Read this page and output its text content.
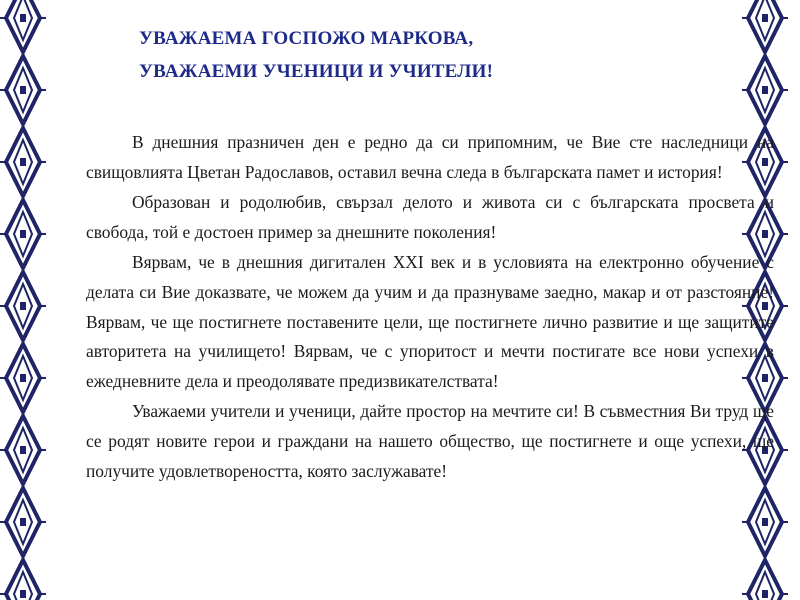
УВАЖАЕМА ГОСПОЖО МАРКОВА,
УВАЖАЕМИ УЧЕНИЦИ И УЧИТЕЛИ!

В днешния празничен ден е редно да си припомним, че Вие сте наследници на свищовлията Цветан Радославов, оставил вечна следа в българската памет и история!

Образован и родолюбив, свързал делото и живота си с българската просвета и свобода, той е достоен пример за днешните поколения!

Вярвам, че в днешния дигитален XXI век и в условията на електронно обучение с делата си Вие доказвате, че можем да учим и да празнуваме заедно, макар и от разстояние! Вярвам, че ще постигнете поставените цели, ще постигнете лично развитие и ще защитите авторитета на училището! Вярвам, че с упоритост и мечти постигате все нови успехи в ежедневните дела и преодолявате предизвикателствата!

Уважаеми учители и ученици, дайте простор на мечтите си! В съвместния Ви труд ще се родят новите герои и граждани на нашето общество, ще постигнете и още успехи, ще получите удовлетвореността, която заслужавате!
